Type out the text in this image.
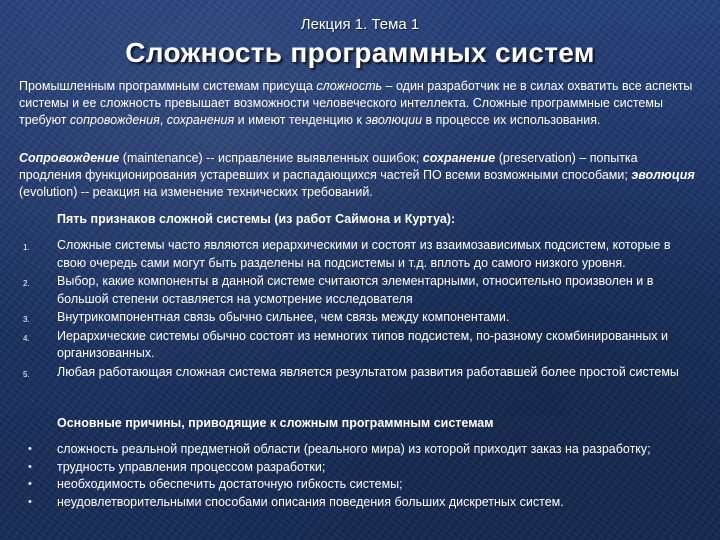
Лекция 1. Тема 1
Сложность программных систем

Промышленным программным системам присуща сложность – один разработчик не в силах охватить все аспекты системы и ее сложность превышает возможности человеческого интеллекта. Сложные программные системы требуют сопровождения, сохранения и имеют тенденцию к эволюции в процессе их использования.

Сопровождение (maintenance) -- исправление выявленных ошибок; сохранение (preservation) – попытка продления функционирования устаревших и распадающихся частей ПО всеми возможными способами; эволюция (evolution) -- реакция на изменение технических требований.

Пять признаков сложной системы (из работ Саймона и Куртуа):

1. Сложные системы часто являются иерархическими и состоят из взаимозависимых подсистем, которые в свою очередь сами могут быть разделены на подсистемы и т.д. вплоть до самого низкого уровня.
2. Выбор, какие компоненты в данной системе считаются элементарными, относительно произволен и в большой степени оставляется на усмотрение исследователя
3. Внутрикомпонентная связь обычно сильнее, чем связь между компонентами.
4. Иерархические системы обычно состоят из немногих типов подсистем, по-разному скомбинированных и организованных.
5. Любая работающая сложная система является результатом развития работавшей более простой системы

Основные причины, приводящие к сложным программным системам

• сложность реальной предметной области (реального мира) из которой приходит заказ на разработку;
• трудность управления процессом разработки;
• необходимость обеспечить достаточную гибкость системы;
• неудовлетворительными способами описания поведения больших дискретных систем.
